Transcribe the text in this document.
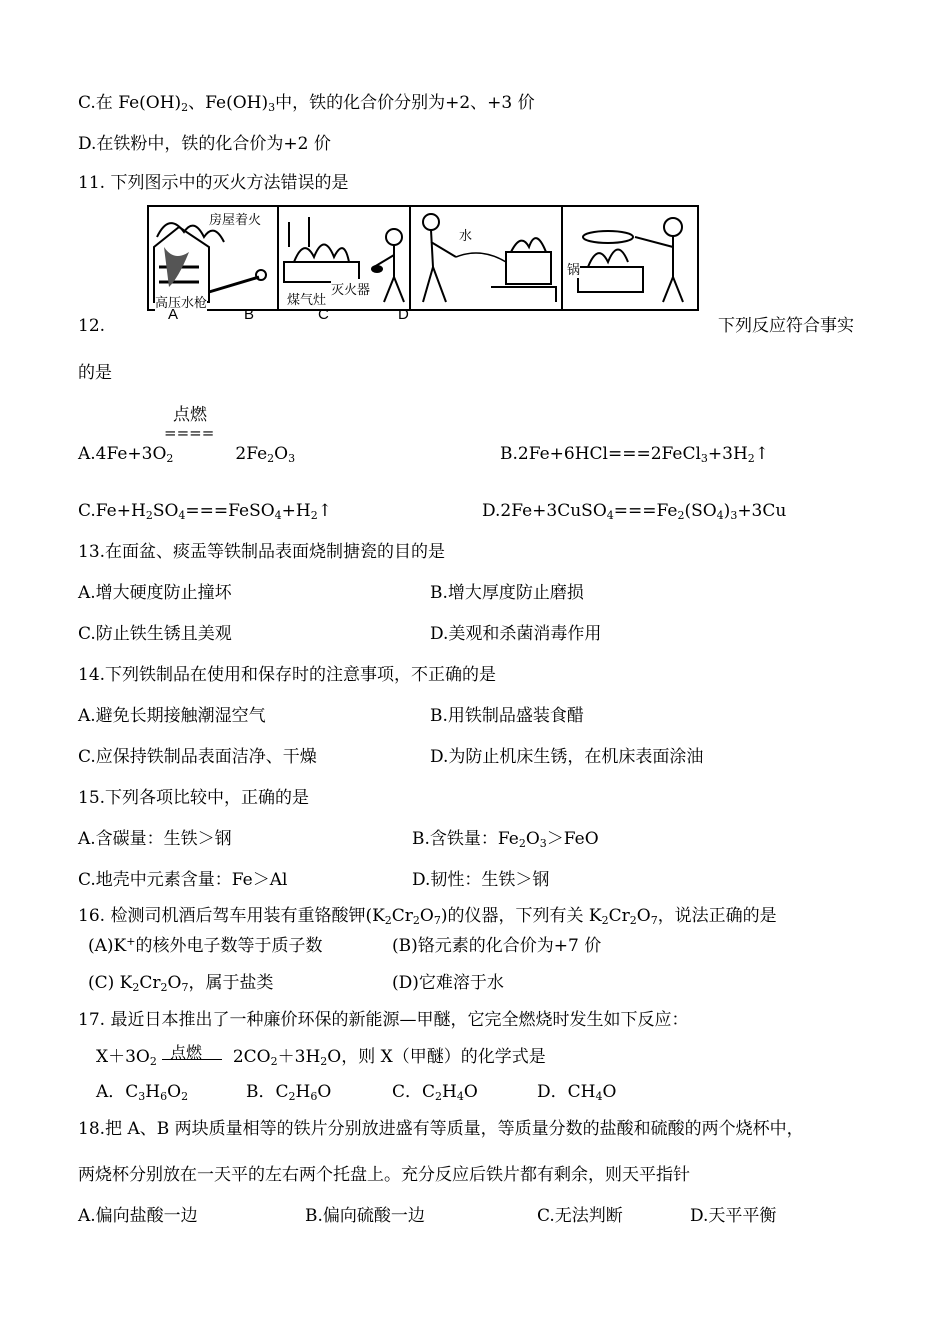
C.在 $Fe(OH)_2$、$Fe(OH)_3$中，铁的化合价分别为+2、+3 价
D.在铁粉中，铁的化合价为+2 价
11. 下列图示中的灭火方法错误的是
房屋着火
高压水枪	煤气灶
灭火器
水
锅
A	B	C	D
12.	下列反应符合事实
的是
点燃
====
$A.4Fe+3O_2$	$2Fe_2O_3$	$B.2Fe+6HCl===2FeCl_3+3H_2↑$
$C.Fe+H_2SO_4===FeSO_4+H_2↑$	$D.2Fe+3CuSO_4===Fe_2(SO_4)_3+3Cu$
13.在面盆、痰盂等铁制品表面烧制搪瓷的目的是
A.增大硬度防止撞坏	B.增大厚度防止磨损
C.防止铁生锈且美观	D.美观和杀菌消毒作用
14.下列铁制品在使用和保存时的注意事项，不正确的是
A.避免长期接触潮湿空气	B.用铁制品盛装食醋
C.应保持铁制品表面洁净、干燥	D.为防止机床生锈，在机床表面涂油
15.下列各项比较中，正确的是
A.含碳量：生铁＞钢	B.含铁量：$Fe_2O_3>FeO$
C.地壳中元素含量：Fe＞Al	D.韧性：生铁＞钢
16. 检测司机酒后驾车用装有重铬酸钾$(K_2Cr_2O_7)$的仪器，下列有关 $K_2Cr_2O_7$，说法正确的是
(A)K+的核外电子数等于质子数	(B)铬元素的化合价为+7 价
(C) $K_2Cr_2O_7$，属于盐类	(D)它难溶于水
17. 最近日本推出了一种廉价环保的新能源—甲醚，它完全燃烧时发生如下反应：
点燃
$X+3O_2$	$2CO_2+3H_2O$，则 X（甲醚）的化学式是
A．$C_3H_6O_2$	B．$C_2H_6O$	C．$C_2H_4O$	D．$CH_4O$
18.把 A、B 两块质量相等的铁片分别放进盛有等质量，等质量分数的盐酸和硫酸的两个烧杯中，
两烧杯分别放在一天平的左右两个托盘上。充分反应后铁片都有剩余，则天平指针
A.偏向盐酸一边	B.偏向硫酸一边	C.无法判断	D.天平平衡
